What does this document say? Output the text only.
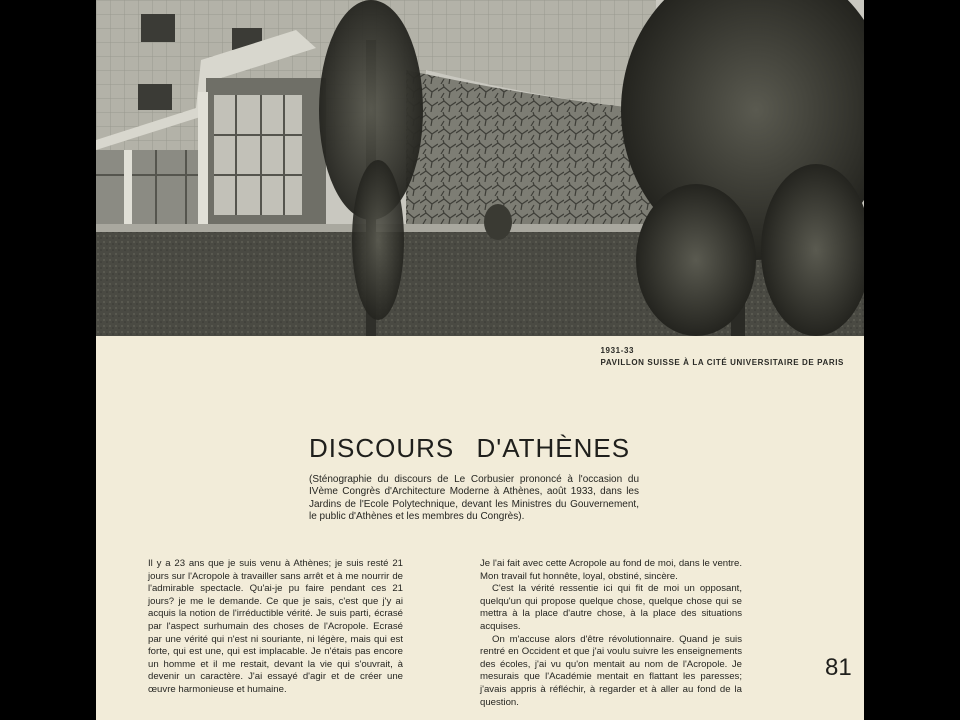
1931-33
PAVILLON SUISSE À LA CITÉ UNIVERSITAIRE DE PARIS
DISCOURS D'ATHÈNES
(Sténographie du discours de Le Corbusier prononcé à l'occasion du IVème Congrès d'Architecture Moderne à Athènes, août 1933, dans les Jardins de l'Ecole Polytechnique, devant les Ministres du Gouvernement, le public d'Athènes et les membres du Congrès).

Il y a 23 ans que je suis venu à Athènes; je suis resté 21 jours sur l'Acropole à travailler sans arrêt et à me nourrir de l'admirable spectacle. Qu'ai-je pu faire pendant ces 21 jours? je me le demande. Ce que je sais, c'est que j'y ai acquis la notion de l'irréductible vérité. Je suis parti, écrasé par l'aspect surhumain des choses de l'Acropole. Ecrasé par une vérité qui n'est ni souriante, ni légère, mais qui est forte, qui est une, qui est implacable. Je n'étais pas encore un homme et il me restait, devant la vie qui s'ouvrait, à devenir un caractère. J'ai essayé d'agir et de créer une œuvre harmonieuse et humaine.

Je l'ai fait avec cette Acropole au fond de moi, dans le ventre. Mon travail fut honnête, loyal, obstiné, sincère.

C'est la vérité ressentie ici qui fit de moi un opposant, quelqu'un qui propose quelque chose, quelque chose qui se mettra à la place d'autre chose, à la place des situations acquises.

On m'accuse alors d'être révolutionnaire. Quand je suis rentré en Occident et que j'ai voulu suivre les enseignements des écoles, j'ai vu qu'on mentait au nom de l'Acropole. Je mesurais que l'Académie mentait en flattant les paresses; j'avais appris à réfléchir, à regarder et à aller au fond de la question.

81
